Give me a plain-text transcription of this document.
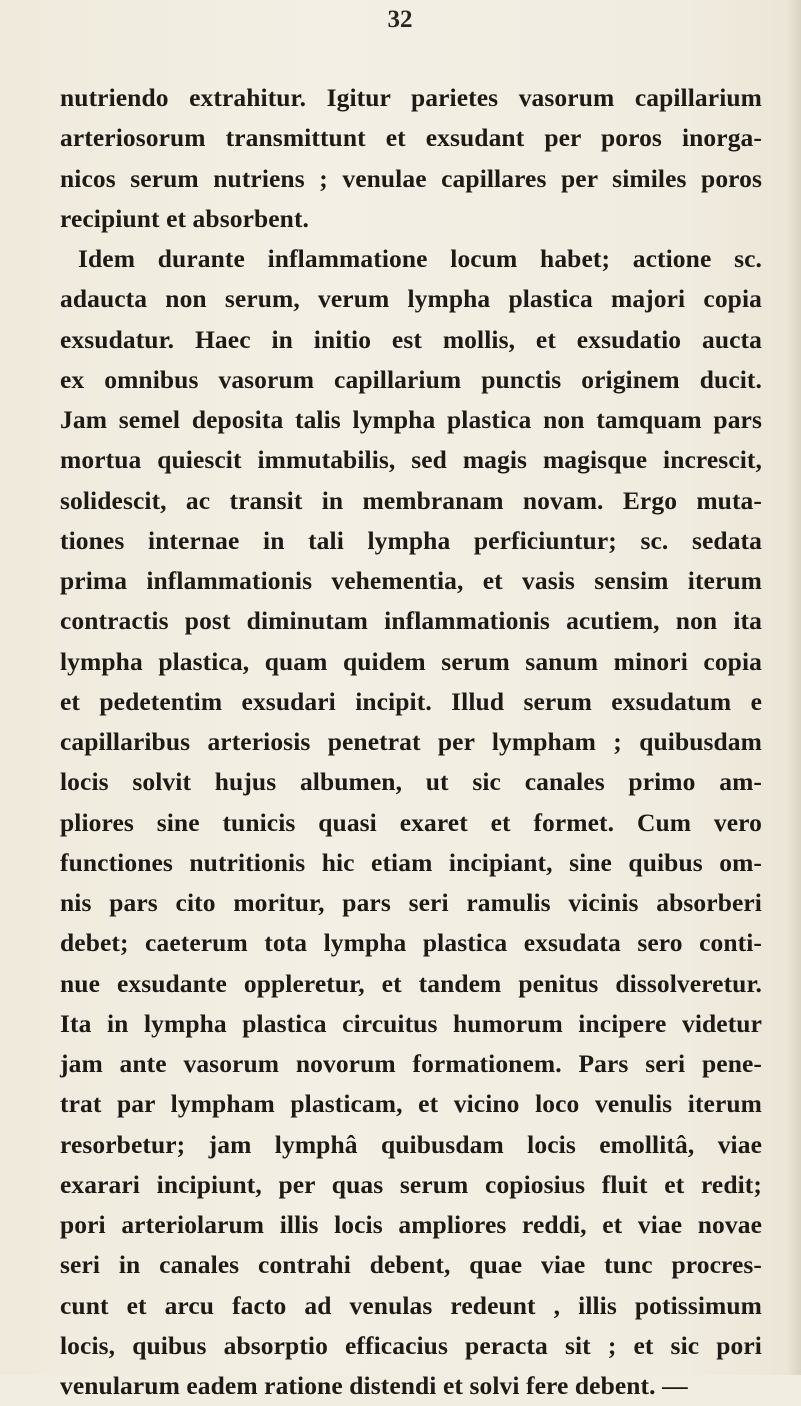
32
nutriendo extrahitur. Igitur parietes vasorum capillarium
arteriosorum transmittunt et exsudant per poros inorga-
nicos serum nutriens ; venulae capillares per similes poros
recipiunt et absorbent.
Idem durante inflammatione locum habet; actione sc.
adaucta non serum, verum lympha plastica majori copia
exsudatur. Haec in initio est mollis, et exsudatio aucta
ex omnibus vasorum capillarium punctis originem ducit.
Jam semel deposita talis lympha plastica non tamquam pars
mortua quiescit immutabilis, sed magis magisque increscit,
solidescit, ac transit in membranam novam. Ergo muta-
tiones internae in tali lympha perficiuntur; sc. sedata
prima inflammationis vehementia, et vasis sensim iterum
contractis post diminutam inflammationis acutiem, non ita
lympha plastica, quam quidem serum sanum minori copia
et pedetentim exsudari incipit. Illud serum exsudatum e
capillaribus arteriosis penetrat per lympham ; quibusdam
locis solvit hujus albumen, ut sic canales primo am-
pliores sine tunicis quasi exaret et formet. Cum vero
functiones nutritionis hic etiam incipiant, sine quibus om-
nis pars cito moritur, pars seri ramulis vicinis absorberi
debet; caeterum tota lympha plastica exsudata sero conti-
nue exsudante oppleretur, et tandem penitus dissolveretur.
Ita in lympha plastica circuitus humorum incipere videtur
jam ante vasorum novorum formationem. Pars seri pene-
trat par lympham plasticam, et vicino loco venulis iterum
resorbetur; jam lymphâ quibusdam locis emollitâ, viae
exarari incipiunt, per quas serum copiosius fluit et redit;
pori arteriolarum illis locis ampliores reddi, et viae novae
seri in canales contrahi debent, quae viae tunc procres-
cunt et arcu facto ad venulas redeunt , illis potissimum
locis, quibus absorptio efficacius peracta sit ; et sic pori
venularum eadem ratione distendi et solvi fere debent. —
